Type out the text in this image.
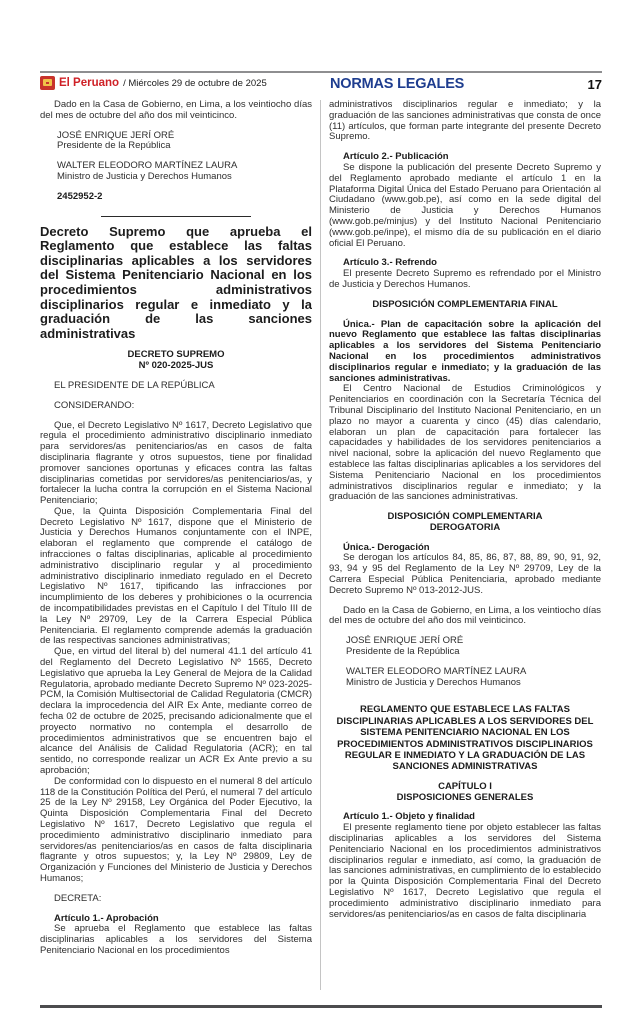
El Peruano / Miércoles 29 de octubre de 2025	NORMAS LEGALES	17

Dado en la Casa de Gobierno, en Lima, a los veintiocho días del mes de octubre del año dos mil veinticinco.

JOSÉ ENRIQUE JERÍ ORÉ

Presidente de la República

WALTER ELEODORO MARTÍNEZ LAURA

Ministro de Justicia y Derechos Humanos

2452952-2

Decreto Supremo que aprueba el Reglamento que establece las faltas disciplinarias aplicables a los servidores del Sistema Penitenciario Nacional en los procedimientos administrativos disciplinarios regular e inmediato y la graduación de las sanciones administrativas

DECRETO SUPREMO

Nº 020-2025-JUS

EL PRESIDENTE DE LA REPÚBLICA

CONSIDERANDO:

Que, el Decreto Legislativo Nº 1617, Decreto Legislativo que regula el procedimiento administrativo disciplinario inmediato para servidores/as penitenciarios/as en casos de falta disciplinaria flagrante y otros supuestos, tiene por finalidad promover sanciones oportunas y eficaces contra las faltas disciplinarias cometidas por servidores/as penitenciarios/as, y fortalecer la lucha contra la corrupción en el Sistema Nacional Penitenciario;

Que, la Quinta Disposición Complementaria Final del Decreto Legislativo Nº 1617, dispone que el Ministerio de Justicia y Derechos Humanos conjuntamente con el INPE, elaboran el reglamento que comprende el catálogo de infracciones o faltas disciplinarias, aplicable al procedimiento administrativo disciplinario regular y al procedimiento administrativo disciplinario inmediato regulado en el Decreto Legislativo Nº 1617, tipificando las infracciones por incumplimiento de los deberes y prohibiciones o la ocurrencia de incompatibilidades previstas en el Capítulo I del Título III de la Ley Nº 29709, Ley de la Carrera Especial Pública Penitenciaria. El reglamento comprende además la graduación de las respectivas sanciones administrativas;

Que, en virtud del literal b) del numeral 41.1 del artículo 41 del Reglamento del Decreto Legislativo Nº 1565, Decreto Legislativo que aprueba la Ley General de Mejora de la Calidad Regulatoria, aprobado mediante Decreto Supremo Nº 023-2025-PCM, la Comisión Multisectorial de Calidad Regulatoria (CMCR) declara la improcedencia del AIR Ex Ante, mediante correo de fecha 02 de octubre de 2025, precisando adicionalmente que el proyecto normativo no contempla el desarrollo de procedimientos administrativos que se encuentren bajo el alcance del Análisis de Calidad Regulatoria (ACR); en tal sentido, no corresponde realizar un ACR Ex Ante previo a su aprobación;

De conformidad con lo dispuesto en el numeral 8 del artículo 118 de la Constitución Política del Perú, el numeral 7 del artículo 25 de la Ley Nº 29158, Ley Orgánica del Poder Ejecutivo, la Quinta Disposición Complementaria Final del Decreto Legislativo Nº 1617, Decreto Legislativo que regula el procedimiento administrativo disciplinario inmediato para servidores/as penitenciarios/as en casos de falta disciplinaria flagrante y otros supuestos; y, la Ley Nº 29809, Ley de Organización y Funciones del Ministerio de Justicia y Derechos Humanos;

DECRETA:

Artículo 1.- Aprobación

Se aprueba el Reglamento que establece las faltas disciplinarias aplicables a los servidores del Sistema Penitenciario Nacional en los procedimientos

administrativos disciplinarios regular e inmediato; y la graduación de las sanciones administrativas que consta de once (11) artículos, que forman parte integrante del presente Decreto Supremo.

Artículo 2.- Publicación

Se dispone la publicación del presente Decreto Supremo y del Reglamento aprobado mediante el artículo 1 en la Plataforma Digital Única del Estado Peruano para Orientación al Ciudadano (www.gob.pe), así como en la sede digital del Ministerio de Justicia y Derechos Humanos (www.gob.pe/minjus) y del Instituto Nacional Penitenciario (www.gob.pe/inpe), el mismo día de su publicación en el diario oficial El Peruano.

Artículo 3.- Refrendo

El presente Decreto Supremo es refrendado por el Ministro de Justicia y Derechos Humanos.

DISPOSICIÓN COMPLEMENTARIA FINAL

Única.- Plan de capacitación sobre la aplicación del nuevo Reglamento que establece las faltas disciplinarias aplicables a los servidores del Sistema Penitenciario Nacional en los procedimientos administrativos disciplinarios regular e inmediato; y la graduación de las sanciones administrativas.

El Centro Nacional de Estudios Criminológicos y Penitenciarios en coordinación con la Secretaría Técnica del Tribunal Disciplinario del Instituto Nacional Penitenciario, en un plazo no mayor a cuarenta y cinco (45) días calendario, elaboran un plan de capacitación para fortalecer las capacidades y habilidades de los servidores penitenciarios a nivel nacional, sobre la aplicación del nuevo Reglamento que establece las faltas disciplinarias aplicables a los servidores del Sistema Penitenciario Nacional en los procedimientos administrativos disciplinarios regular e inmediato; y la graduación de las sanciones administrativas.

DISPOSICIÓN COMPLEMENTARIA

DEROGATORIA

Única.- Derogación

Se derogan los artículos 84, 85, 86, 87, 88, 89, 90, 91, 92, 93, 94 y 95 del Reglamento de la Ley Nº 29709, Ley de la Carrera Especial Pública Penitenciaria, aprobado mediante Decreto Supremo Nº 013-2012-JUS.

Dado en la Casa de Gobierno, en Lima, a los veintiocho días del mes de octubre del año dos mil veinticinco.

JOSÉ ENRIQUE JERÍ ORÉ

Presidente de la República

WALTER ELEODORO MARTÍNEZ LAURA

Ministro de Justicia y Derechos Humanos

REGLAMENTO QUE ESTABLECE LAS FALTAS DISCIPLINARIAS APLICABLES A LOS SERVIDORES DEL SISTEMA PENITENCIARIO NACIONAL EN LOS PROCEDIMIENTOS ADMINISTRATIVOS DISCIPLINARIOS REGULAR E INMEDIATO Y LA GRADUACIÓN DE LAS SANCIONES ADMINISTRATIVAS

CAPÍTULO I

DISPOSICIONES GENERALES

Artículo 1.- Objeto y finalidad

El presente reglamento tiene por objeto establecer las faltas disciplinarias aplicables a los servidores del Sistema Penitenciario Nacional en los procedimientos administrativos disciplinarios regular e inmediato, así como, la graduación de las sanciones administrativas, en cumplimiento de lo establecido por la Quinta Disposición Complementaria Final del Decreto Legislativo Nº 1617, Decreto Legislativo que regula el procedimiento administrativo disciplinario inmediato para servidores/as penitenciarios/as en casos de falta disciplinaria
